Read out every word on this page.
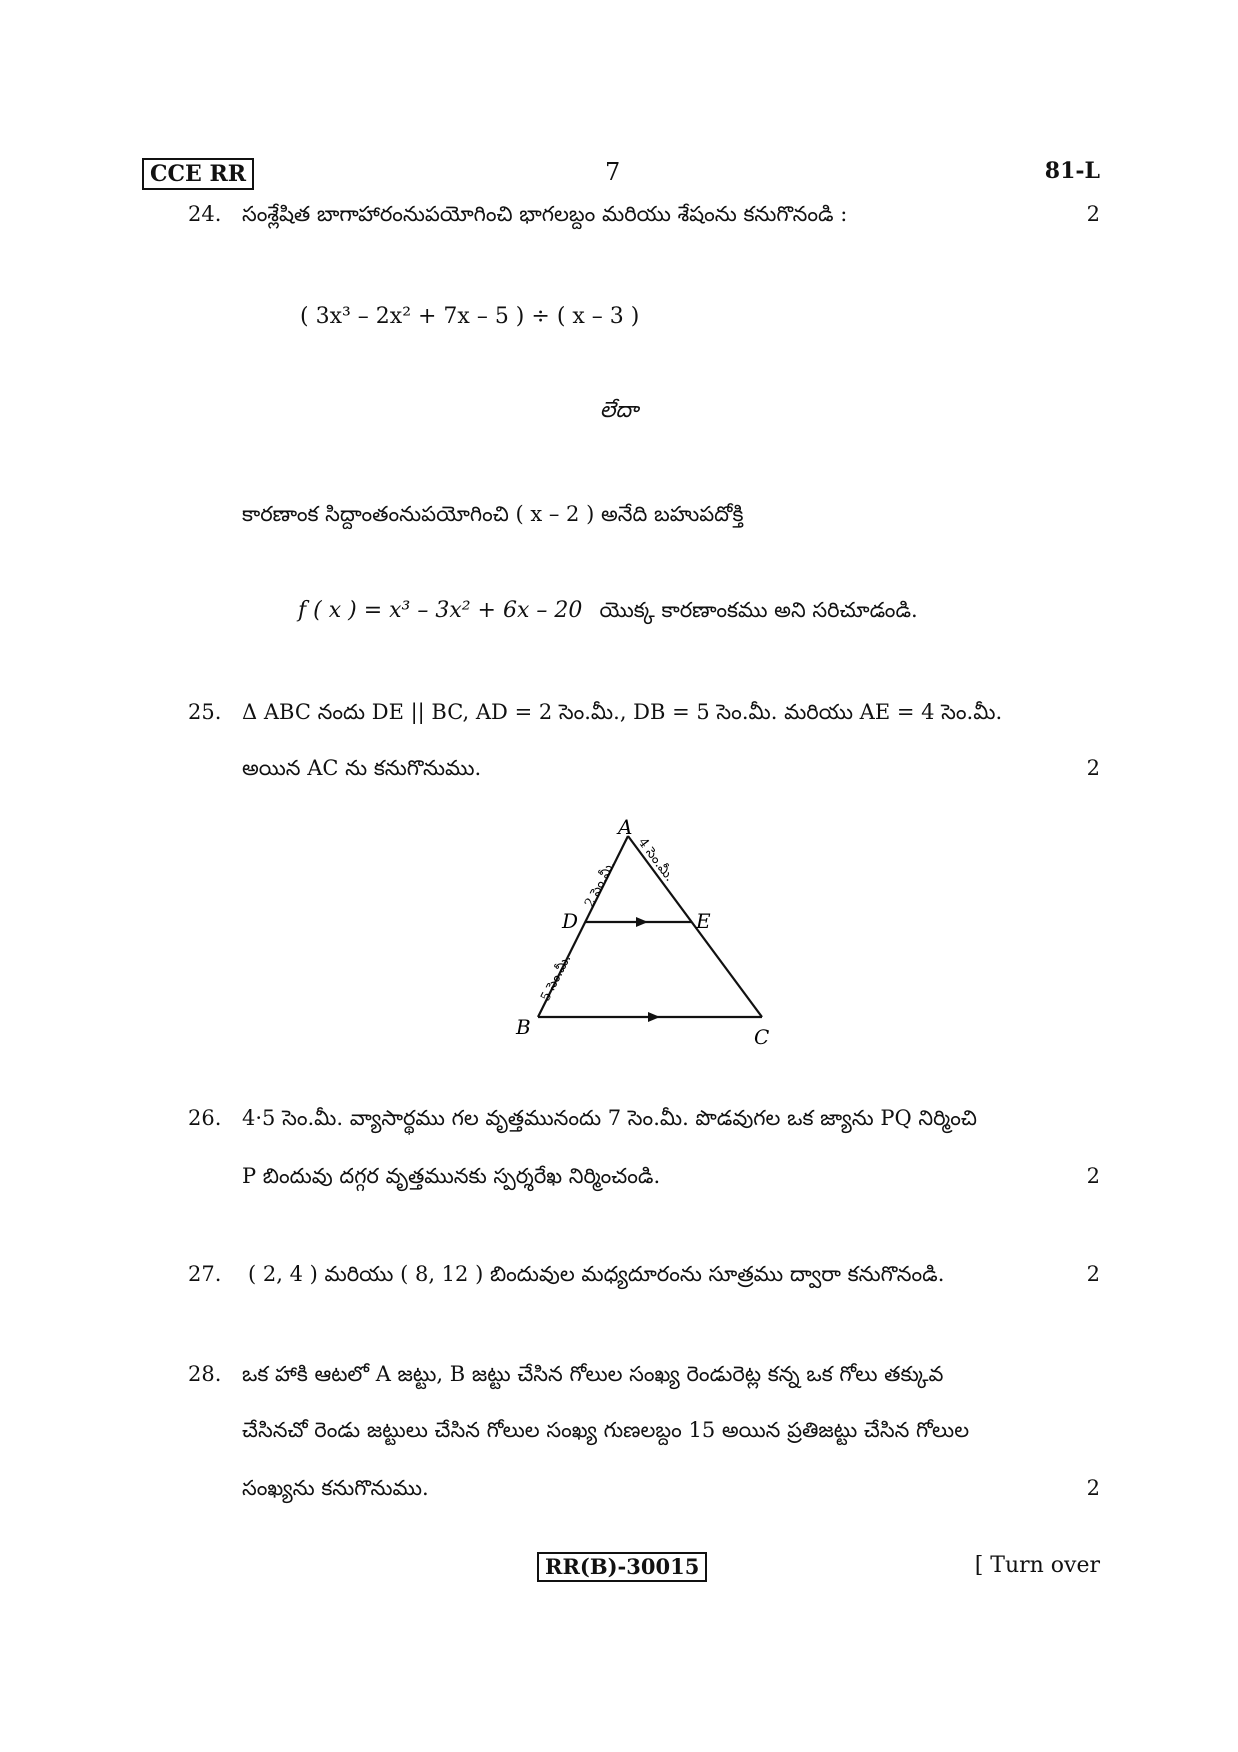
CCE RR	7	81-L
24. సంశ్లేషిత బాగాహారంనుపయోగించి భాగలబ్దం మరియు శేషంను కనుగొనండి :	2
( 3x³ – 2x² + 7x – 5 ) ÷ ( x – 3 )
లేదా
కారణాంక సిద్దాంతంనుపయోగించి ( x – 2 ) అనేది బహుపదోక్తి
f ( x ) = x³ – 3x² + 6x – 20 యొక్క కారణాంకము అని సరిచూడండి.
25. Δ ABC నందు DE || BC, AD = 2 సెం.మీ., DB = 5 సెం.మీ. మరియు AE = 4 సెం.మీ.
అయిన AC ను కనుగొనుము.	2
A
D	E
B	C
2 సెం.మీ. 4 సెం.మీ.
5 సెం.మీ.
26. 4·5 సెం.మీ. వ్యాసార్థము గల వృత్తమునందు 7 సెం.మీ. పొడవుగల ఒక జ్యాను PQ నిర్మించి
P బిందువు దగ్గర వృత్తమునకు స్పర్శరేఖ నిర్మించండి.	2
27. ( 2, 4 ) మరియు ( 8, 12 ) బిందువుల మధ్యదూరంను సూత్రము ద్వారా కనుగొనండి.	2
28. ఒక హాకి ఆటలో A జట్టు, B జట్టు చేసిన గోలుల సంఖ్య రెండురెట్ల కన్న ఒక గోలు తక్కువ
చేసినచో రెండు జట్టులు చేసిన గోలుల సంఖ్య గుణలబ్దం 15 అయిన ప్రతిజట్టు చేసిన గోలుల
సంఖ్యను కనుగొనుము.	2
RR(B)-30015	[ Turn over
